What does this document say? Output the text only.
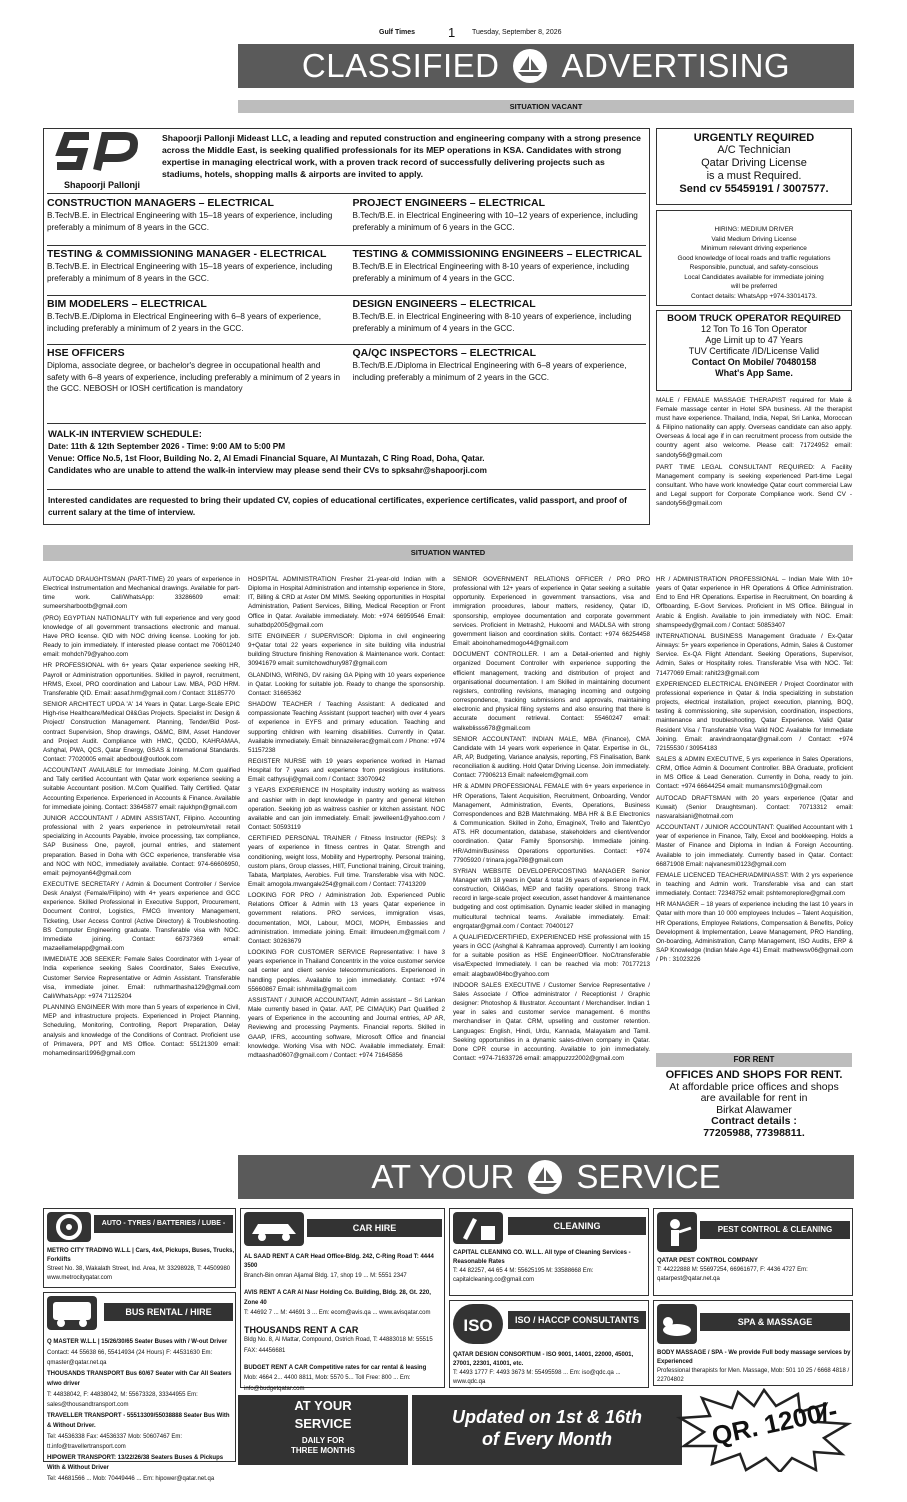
Gulf Times	1 Tuesday, September 8, 2026
CLASSIFIED ADVERTISING
SITUATION VACANT
Shapoorji Pallonji
Shapoorji Pallonji Mideast LLC, a leading and reputed construction and engineering company with a strong presence across the Middle East, is seeking qualified professionals for its MEP operations in KSA. Candidates with strong expertise in managing electrical work, with a proven track record of successfully delivering projects such as stadiums, hotels, shopping malls & airports are invited to apply.
CONSTRUCTION MANAGERS – ELECTRICAL
B.Tech/B.E. in Electrical Engineering with 15–18 years of experience, including preferably a minimum of 8 years in the GCC.
PROJECT ENGINEERS – ELECTRICAL
B.Tech/B.E. in Electrical Engineering with 10–12 years of experience, including preferably a minimum of 6 years in the GCC.
TESTING & COMMISSIONING MANAGER - ELECTRICAL
B.Tech/B.E. in Electrical Engineering with 15–18 years of experience, including preferably a minimum of 8 years in the GCC.
TESTING & COMMISSIONING ENGINEERS – ELECTRICAL
B.Tech/B.E in Electrical Engineering with 8-10 years of experience, including preferably a minimum of 4 years in the GCC.
BIM MODELERS – ELECTRICAL
B.Tech/B.E./Diploma in Electrical Engineering with 6–8 years of experience, including preferably a minimum of 2 years in the GCC.
DESIGN ENGINEERS – ELECTRICAL
B.Tech/B.E. in Electrical Engineering with 8-10 years of experience, including preferably a minimum of 4 years in the GCC.
HSE OFFICERS
Diploma, associate degree, or bachelor's degree in occupational health and safety with 6–8 years of experience, including preferably a minimum of 2 years in the GCC. NEBOSH or IOSH certification is mandatory
QA/QC INSPECTORS – ELECTRICAL
B.Tech/B.E./Diploma in Electrical Engineering with 6–8 years of experience, including preferably a minimum of 2 years in the GCC.
WALK-IN INTERVIEW SCHEDULE:
Date: 11th & 12th September 2026 - Time: 9:00 AM to 5:00 PM
Venue: Office No.5, 1st Floor, Building No. 2, Al Emadi Financial Square, Al Muntazah, C Ring Road, Doha, Qatar.
Candidates who are unable to attend the walk-in interview may please send their CVs to spksahr@shapoorji.com
Interested candidates are requested to bring their updated CV, copies of educational certificates, experience certificates, valid passport, and proof of current salary at the time of interview.
URGENTLY REQUIRED
A/C Technician
Qatar Driving License
is a must Required.
Send cv 55459191 / 3007577.
HIRING: MEDIUM DRIVER
Valid Medium Driving License
Minimum relevant driving experience
Good knowledge of local roads and traffic regulations
Responsible, punctual, and safety-conscious
Local Candidates available for immediate joining
will be preferred
Contact details: WhatsApp +974-33014173.
BOOM TRUCK OPERATOR REQUIRED
12 Ton To 16 Ton Operator
Age Limit up to 47 Years
TUV Certificate /ID/License Valid
Contact On Mobile/ 70480158
What's App Same.

MALE / FEMALE MASSAGE THERAPIST required for Male & Female massage center in Hotel SPA business. All the therapist must have experience. Thailand, India, Nepal, Sri Lanka, Moroccan & Filipino nationality can apply. Overseas candidate can also apply. Overseas & local age if in can recruitment process from outside the country agent also welcome. Please call: 71724952 email: sandoty56@gmail.com

PART TIME LEGAL CONSULTANT REQUIRED: A Facility Management company is seeking experienced Part-time Legal consultant. Who have work knowledge Qatar court commercial Law and Legal support for Corporate Compliance work. Send CV - sandoty56@gmail.com

SITUATION WANTED

AUTOCAD DRAUGHTSMAN (PART-TIME) 20 years of experience in Electrical Instrumentation and Mechanical drawings. Available for part-time work. Call/WhatsApp: 33286609 email: sumeersharbootb@gmail.com

(PRO) EGYPTIAN NATIONALITY with full experience and very good knowledge of all government transactions electronic and manual. Have PRO license. QID with NOC driving license. Looking for job. Ready to join immediately. If interested please contact me 70601240 email: mohdch79@yahoo.com

HR PROFESSIONAL with 6+ years Qatar experience seeking HR, Payroll or Administration opportunities. Skilled in payroll, recruitment, HRMS, Excel, PRO coordination and Labour Law. MBA, PGD HRM. Transferable QID. Email: aasaf.hrm@gmail.com / Contact: 31185770

SENIOR ARCHITECT UPDA 'A' 14 Years in Qatar. Large-Scale EPIC High-rise Healthcare/Medical Oil&Gas Projects. Specialist in: Design & Project/ Construction Management. Planning, Tender/Bid Post-contract Supervision, Shop drawings, O&MC, BIM, Asset Handover and Project Audit. Compliance with HMC, QCDD, KAHRAMAA, Ashghal, PWA, QCS, Qatar Energy, GSAS & International Standards. Contact: 77020005 email: abedboul@outlook.com

ACCOUNTANT AVAILABLE for Immediate Joining. M.Com qualified and Tally certified Accountant with Qatar work experience seeking a suitable Accountant position. M.Com Qualified. Tally Certified. Qatar Accounting Experience. Experienced in Accounts & Finance. Available for immediate joining. Contact: 33645877 email: rajukhpn@gmail.com

JUNIOR ACCOUNTANT / ADMIN ASSISTANT, Filipino. Accounting professional with 2 years experience in petroleum/retail retail specializing in Accounts Payable, invoice processing, tax compliance, SAP Business One, payroll, journal entries, and statement preparation. Based in Doha with GCC experience, transferable visa and NOC with NOC, immediately available. Contact: 974-66606950, email: pejmoyan64@gmail.com

EXECUTIVE SECRETARY / Admin & Document Controller / Service Desk Analyst (Female/Filipino) with 4+ years experience and GCC experience. Skilled Professional in Executive Support, Procurement, Document Control, Logistics, FMCG Inventory Management, Ticketing, User Access Control (Active Directory) & Troubleshooting. BS Computer Engineering graduate. Transferable visa with NOC. Immediate joining. Contact: 66737369 email: mazaellamelapp@gmail.com

IMMEDIATE JOB SEEKER: Female Sales Coordinator with 1-year of India experience seeking Sales Coordinator, Sales Executive, Customer Service Representative or Admin Assistant. Transferable visa, immediate joiner. Email: ruthmarthasha129@gmail.com Call/WhatsApp: +974 71125204

PLANNING ENGINEER With more than 5 years of experience in Civil, MEP and infrastructure projects. Experienced in Project Planning, Scheduling, Monitoring, Controlling, Report Preparation, Delay analysis and knowledge of the Conditions of Contract. Proficient use of Primavera, PPT and MS Office. Contact: 55121309 email: mohamedinsari1996@gmail.com

HOSPITAL ADMINISTRATION Fresher 21-year-old Indian with a Diploma in Hospital Administration and internship experience in Store, IT, Billing & CRD at Aster DM MIMS. Seeking opportunities in Hospital Administration, Patient Services, Billing, Medical Reception or Front Office in Qatar. Available immediately. Mob: +974 66959546 Email: suhatbdp2005@gmail.com

SITE ENGINEER / SUPERVISOR: Diploma in civil engineering 9+Qatar total 22 years experience in site building villa industrial building Structure finishing Renovation & Maintenance work. Contact: 30941679 email: sumitchowdhury987@gmail.com

GLANDING, WIRING, DV raising GA Piping with 10 years experience in Qatar. Looking for suitable job. Ready to change the sponsorship. Contact: 31665362

SHADOW TEACHER / Teaching Assistant: A dedicated and compassionate Teaching Assistant (support teacher) with over 4 years of experience in EYFS and primary education. Teaching and supporting children with learning disabilities. Currently in Qatar. Available immediately. Email: binnazeilerac@gmail.com / Phone: +974 51157238

REGISTER NURSE with 19 years experience worked in Hamad Hospital for 7 years and experience from prestigious institutions. Email: cathysuji@gmail.com / Contact: 33070942

3 YEARS EXPERIENCE IN Hospitality industry working as waitress and cashier with in dept knowledge in pantry and general kitchen operation. Seeking job as waitress cashier or kitchen assistant. NOC available and can join immediately. Email: jewelleen1@yahoo.com / Contact: 50593119

CERTIFIED PERSONAL TRAINER / Fitness Instructor (REPs): 3 years of experience in fitness centres in Qatar. Strength and conditioning, weight loss, Mobility and Hypertrophy. Personal training, custom plans, Group classes, HIIT, Functional training, Circuit training, Tabata, Martplates, Aerobics. Full time. Transferable visa with NOC. Email: amogola.mwangale254@gmail.com / Contact: 77413209

LOOKING FOR PRO / Administration Job. Experienced Public Relations Officer & Admin with 13 years Qatar experience in government relations. PRO services, immigration visas, documentation, MOI, Labour, MOCI, MOPH, Embassies and administration. Immediate joining. Email: illmudeen.m@gmail.com / Contact: 30263679

LOOKING FOR CUSTOMER SERVICE Representative: I have 3 years experience in Thailand Concentrix in the voice customer service call center and client service telecommunications. Experienced in handling peoples. Available to join immediately. Contact: +974 55660867 Email: ishhmilla@gmail.com

ASSISTANT / JUNIOR ACCOUNTANT, Admin assistant – Sri Lankan Male currently based in Qatar. AAT, PE CIMA(UK) Part Qualified 2 years of Experience in the accounting and Journal entries, AP AR, Reviewing and processing Payments. Financial reports. Skilled in GAAP, IFRS, accounting software, Microsoft Office and financial knowledge. Working Visa with NOC. Available immediately. Email: mdtaashad0607@gmail.com / Contact: +974 71645856

SENIOR GOVERNMENT RELATIONS OFFICER / PRO PRO professional with 12+ years of experience in Qatar seeking a suitable opportunity. Experienced in government transactions, visa and immigration procedures, labour matters, residency, Qatar ID, sponsorship, employee documentation and corporate government services. Proficient in Metrash2, Hukoomi and MADLSA with strong government liaison and coordination skills. Contact: +974 66254458 Email: aboinohamedmogo44@gmail.com

DOCUMENT CONTROLLER. I am a Detail-oriented and highly organized Document Controller with experience supporting the efficient management, tracking and distribution of project and organisational documentation. I am Skilled in maintaining document registers, controlling revisions, managing incoming and outgoing correspondence, tracking submissions and approvals, maintaining electronic and physical filing systems and also ensuring that there is accurate document retrieval. Contact: 55460247 email: walkeblisss678@gmail.com

SENIOR ACCOUNTANT: INDIAN MALE, MBA (Finance), CMA Candidate with 14 years work experience in Qatar. Expertise in GL, AR, AP, Budgeting, Variance analysis, reporting, FS Finalisation, Bank reconciliation & auditing. Hold Qatar Driving License. Join immediately. Contact: 77906213 Email: nafeelcm@gmail.com

HR & ADMIN PROFESSIONAL FEMALE with 6+ years experience in HR Operations, Talent Acquisition, Recruitment, Onboarding, Vendor Management, Administration, Events, Operations, Business Correspondences and B2B Matchmaking. MBA HR & B.E Electronics & Communication. Skilled in Zoho, EmagineX, Trello and TalentCyo ATS. HR documentation, database, stakeholders and client/vendor coordination. Qatar Family Sponsorship. Immediate joining. HR/Admin/Business Operations opportunities. Contact: +974 77905920 / trinara.joga798@gmail.com

SYRIAN WEBSITE DEVELOPER/COSTING MANAGER Senior Manager with 18 years in Qatar & total 26 years of experience in FM, construction, Oil&Gas, MEP and facility operations. Strong track record in large-scale project execution, asset handover & maintenance budgeting and cost optimisation. Dynamic leader skilled in managing multicultural technical teams. Available immediately. Email: engrqatar@gmail.com / Contact: 70400127

A QUALIFIED/CERTIFIED, EXPERIENCED HSE professional with 15 years in GCC (Ashghal & Kahramaa approved). Currently I am looking for a suitable position as HSE Engineer/Officer. NoC/transferable visa/Expected Immediately. I can be reached via mob: 70177213 email: alagbaw084bc@yahoo.com

INDOOR SALES EXECUTIVE / Customer Service Representative / Sales Associate / Office administrator / Receptionist / Graphic designer: Photoshop & Illustrator. Accountant / Merchandiser. Indian 1 year in sales and customer service management. 6 months merchandiser in Qatar. CRM, upselling and customer retention. Languages: English, Hindi, Urdu, Kannada, Malayalam and Tamil. Seeking opportunities in a dynamic sales-driven company in Qatar. Done CPR course in accounting. Available to join immediately. Contact: +974-71633726 email: amappuzzz2002@gmail.com

HR / ADMINISTRATION PROFESSIONAL – Indian Male With 10+ years of Qatar experience in HR Operations & Office Administration. End to End HR Operations. Expertise in Recruitment, On boarding & Offboarding, E-Govt Services. Proficient in MS Office. Bilingual in Arabic & English. Available to join immediately with NOC. Email: shamspeedy@gmail.com / Contact: 50853407

INTERNATIONAL BUSINESS Management Graduate / Ex-Qatar Airways: 5+ years experience in Operations, Admin, Sales & Customer Service. Ex-QA Flight Attendant. Seeking Operations, Supervisor, Admin, Sales or Hospitality roles. Transferable Visa with NOC. Tel: 71477069 Email: rahit23@gmail.com

EXPERIENCED ELECTRICAL ENGINEER / Project Coordinator with professional experience in Qatar & India specializing in substation projects, electrical installation, project execution, planning, BOQ, testing & commissioning, site supervision, coordination, inspections, maintenance and troubleshooting. Qatar Experience. Valid Qatar Resident Visa / Transferable Visa Valid NOC Available for Immediate Joining. Email: aravindraonqatar@gmail.com / Contact: +974 72155530 / 30954183

SALES & ADMIN EXECUTIVE, 5 yrs experience in Sales Operations, CRM, Office Admin & Document Controller. BBA Graduate, proficient in MS Office & Lead Generation. Currently in Doha, ready to join. Contact: +974 66644254 email: mumansmrs10@gmail.com

AUTOCAD DRAFTSMAN with 20 years experience (Qatar and Kuwait) (Senior Draughtsman). Contact: 70713312 email: nasvaralsiani@hotmail.com

ACCOUNTANT / JUNIOR ACCOUNTANT: Qualified Accountant with 1 year of experience in Finance, Tally, Excel and bookkeeping. Holds a Master of Finance and Diploma in Indian & Foreign Accounting. Available to join immediately. Currently based in Qatar. Contact: 66871908 Email: najvanesmi0123@gmail.com

FEMALE LICENCED TEACHER/ADMIN/ASST: With 2 yrs experience in teaching and Admin work. Transferable visa and can start immediately. Contact: 72348752 email: pshtemoreplore@gmail.com

HR MANAGER – 18 years of experience including the last 10 years in Qatar with more than 10 000 employees Includes – Talent Acquisition, HR Operations, Employee Relations, Compensation & Benefits, Policy Development & Implementation, Leave Management, PRO Handling, On-boarding, Administration, Camp Management, ISO Audits, ERP & SAP Knowledge (Indian Male Age 41) Email: mathewsv06@gmail.com / Ph : 31023226

FOR RENT
OFFICES AND SHOPS FOR RENT.
At affordable price offices and shops
are available for rent in
Birkat Alawamer
Contract details :
77205988, 77398811.
AT YOUR SERVICE
AUTO - TYRES / BATTERIES / LUBE - CHANGING
METRO CITY TRADING W.L.L | Cars, 4x4, Pickups, Buses, Trucks, Forklifts
Street No. 38, Wakalath Street, Ind. Area, M: 33298928, T: 44509980 www.metrocityqatar.com
BUS RENTAL / HIRE
Q MASTER W.L.L | 15/26/30/65 Seater Buses with / W-out Driver
Contact: 44 55638 66, 55414934 (24 Hours) F: 44531630 Em: qmaster@qatar.net.qa
THOUSANDS TRANSPORT Bus 60/67 Seater with Car All Seaters w/wo driver
T: 44838042, F: 44838042, M: 55673328, 33344955 Em: sales@thousandtransport.com
TRAVELLER TRANSPORT - 55513309/55038888 Seater Bus With & Without Driver.
Tel: 44536338 Fax: 44536337 Mob: 50607467 Em: tt.info@travellertransport.com
HIPOWER TRANSPORT: 13/22/26/38 Seaters Buses & Pickups With & Without Driver
Tel: 44681566 ... Mob: 70449446 ... Em: hipower@qatar.net.qa
CAR HIRE
AL SAAD RENT A CAR Head Office-Bldg. 242, C-Ring Road T: 4444 3500
Branch-Bin omran Aljamal Bldg. 17, shop 19 ... M: 5551 2347
AVIS RENT A CAR Al Nasr Holding Co. Building, Bldg. 28, Gt. 220, Zone 40
T: 44692 7 ... M: 44691 3 ... Em: ecom@avis.qa ... www.avisqatar.com
THOUSANDS RENT A CAR
Bldg No. 8, Al Mattar, Compound, Ostrich Road, T: 44883018 M: 55515 FAX: 44456681
BUDGET RENT A CAR Competitive rates for car rental & leasing
Mob: 4664 2... 4400 8811, Mob: 5570 5... Toll Free: 800 ... Em: info@budgetqatar.com
CLEANING
CAPITAL CLEANING CO. W.L.L. All type of Cleaning Services - Reasonable Rates
T: 44 82257, 44 65 4 M: 55625195 M: 33588668 Em: capitalcleaning.co@gmail.com
ISO	ISO / HACCP CONSULTANTS
QATAR DESIGN CONSORTIUM - ISO 9001, 14001, 22000, 45001, 27001, 22301, 41001, etc.
T: 4493 1777 F: 4493 3673 M: 55495598 ... Em: iso@qdc.qa ... www.qdc.qa
PEST CONTROL & CLEANING
QATAR PEST CONTROL COMPANY
T: 44222888 M: 55697254, 66961677, F: 4436 4727 Em: qatarpest@qatar.net.qa
SPA & MASSAGE
BODY MASSAGE / SPA - We provide Full body massage services by Experienced
Professional therapists for Men. Massage, Mob: 501 10 25 / 6668 4818 / 22704802
AT YOUR
SERVICE
DAILY FOR
THREE MONTHS
Updated on 1st & 16th
of Every Month	QR. 1200/-
